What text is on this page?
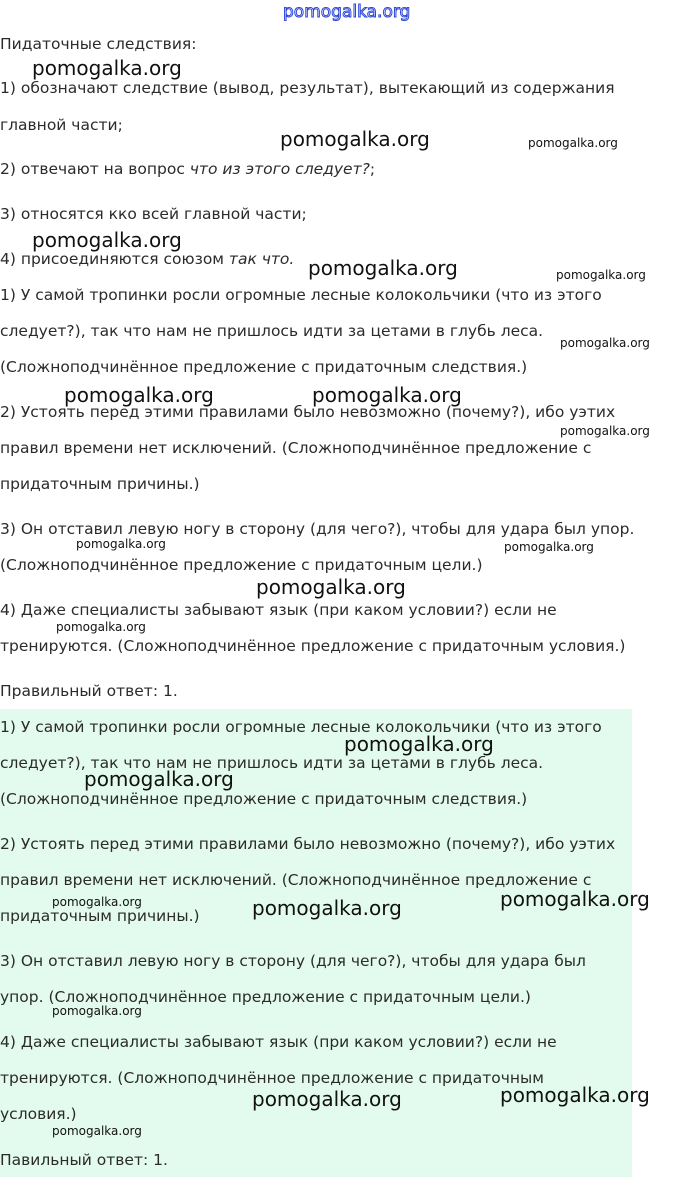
Пидаточные следствия:

1) обозначают следствие (вывод, результат), вытекающий из содержания

главной части;

2) отвечают на вопрос что из этого следует?;

3) относятся кко всей главной части;

4) присоединяются союзом так что.

1) У самой тропинки росли огромные лесные колокольчики (что из этого

следует?), так что нам не пришлось идти за цетами в глубь леса.

(Сложноподчинённое предложение с придаточным следствия.)

2) Устоять перед этими правилами было невозможно (почему?), ибо уэтих

правил времени нет исключений. (Сложноподчинённое предложение с

придаточным причины.)

3) Он отставил левую ногу в сторону (для чего?), чтобы для удара был упор.

(Сложноподчинённое предложение с придаточным цели.)

4) Даже специалисты забывают язык (при каком условии?) если не

тренируются. (Сложноподчинённое предложение с придаточным условия.)

Правильный ответ: 1.

1) У самой тропинки росли огромные лесные колокольчики (что из этого

следует?), так что нам не пришлось идти за цетами в глубь леса.

(Сложноподчинённое предложение с придаточным следствия.)

2) Устоять перед этими правилами было невозможно (почему?), ибо уэтих

правил времени нет исключений. (Сложноподчинённое предложение с

придаточным причины.)

3) Он отставил левую ногу в сторону (для чего?), чтобы для удара был

упор. (Сложноподчинённое предложение с придаточным цели.)

4) Даже специалисты забывают язык (при каком условии?) если не

тренируются. (Сложноподчинённое предложение с придаточным

условия.)

Павильный ответ: 1.

pomogalka.org
pomogalka.org
pomogalka.org	pomogalka.org
pomogalka.org
pomogalka.org	pomogalka.org
pomogalka.org
pomogalka.org	pomogalka.org
pomogalka.org
pomogalka.org	pomogalka.org
pomogalka.org
pomogalka.org
pomogalka.org
pomogalka.org
pomogalka.org
pomogalka.org	pomogalka.org
pomogalka.org
pomogalka.org
pomogalka.org
pomogalka.org
